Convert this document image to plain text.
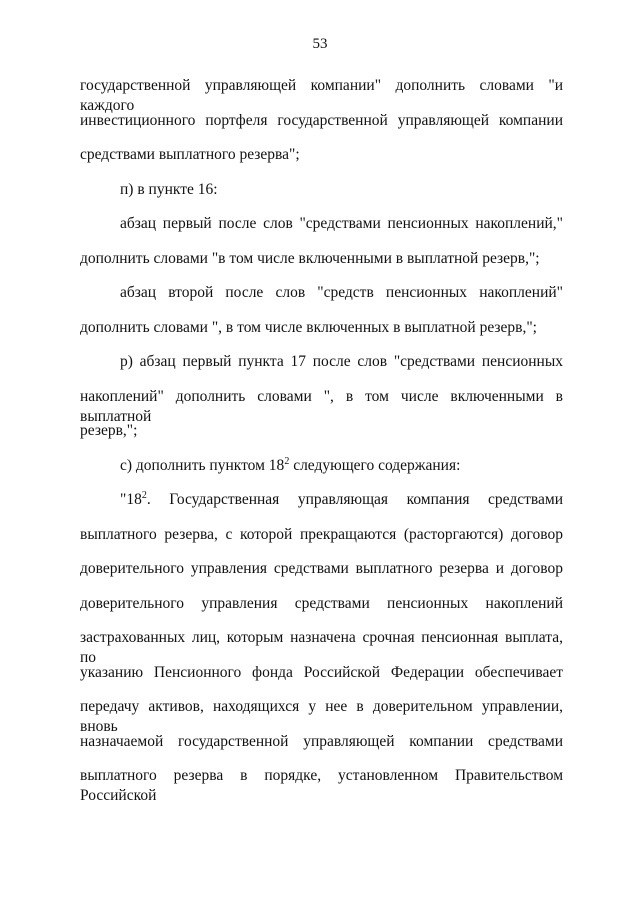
53
государственной управляющей компании" дополнить словами "и каждого
инвестиционного портфеля государственной управляющей компании
средствами выплатного резерва";
п) в пункте 16:
абзац первый после слов "средствами пенсионных накоплений,"
дополнить словами "в том числе включенными в выплатной резерв,";
абзац второй после слов "средств пенсионных накоплений"
дополнить словами ", в том числе включенных в выплатной резерв,";
р) абзац первый пункта 17 после слов "средствами пенсионных
накоплений" дополнить словами ", в том числе включенными в выплатной
резерв,";
с) дополнить пунктом $18^2$ следующего содержания:
"$18^2$. Государственная управляющая компания средствами
выплатного резерва, с которой прекращаются (расторгаются) договор
доверительного управления средствами выплатного резерва и договор
доверительного управления средствами пенсионных накоплений
застрахованных лиц, которым назначена срочная пенсионная выплата, по
указанию Пенсионного фонда Российской Федерации обеспечивает
передачу активов, находящихся у нее в доверительном управлении, вновь
назначаемой государственной управляющей компании средствами
выплатного резерва в порядке, установленном Правительством Российской
